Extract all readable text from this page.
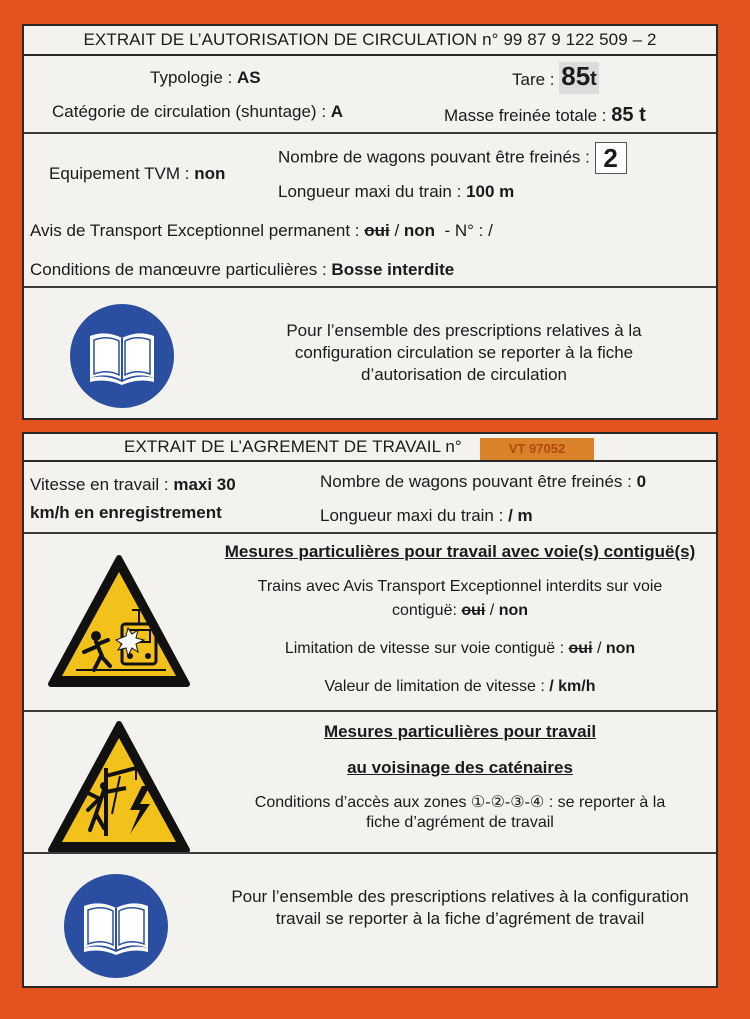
EXTRAIT DE L’AUTORISATION DE CIRCULATION n° 99 87 9 122 509 – 2
Typologie : AS	Tare : 85t
Catégorie de circulation (shuntage) : A	Masse freinée totale : 85 t
Equipement TVM : non
Nombre de wagons pouvant être freinés : 2
Longueur maxi du train : 100 m
Avis de Transport Exceptionnel permanent : oui / non  - N° : /
Conditions de manœuvre particulières : Bosse interdite
Pour l’ensemble des prescriptions relatives à la configuration circulation se reporter à la fiche d’autorisation de circulation
EXTRAIT DE L’AGREMENT DE TRAVAIL n°	VT 97052
Vitesse en travail : maxi 30
km/h en enregistrement
Nombre de wagons pouvant être freinés : 0
Longueur maxi du train : / m
Mesures particulières pour travail avec voie(s) contiguë(s)
Trains avec Avis Transport Exceptionnel interdits sur voie
contiguë: oui / non
Limitation de vitesse sur voie contiguë : oui / non
Valeur de limitation de vitesse : / km/h
Mesures particulières pour travail
au voisinage des caténaires
Conditions d’accès aux zones ①-②-③-④ : se reporter à la
fiche d’agrément de travail
Pour l’ensemble des prescriptions relatives à la configuration travail se reporter à la fiche d’agrément de travail
